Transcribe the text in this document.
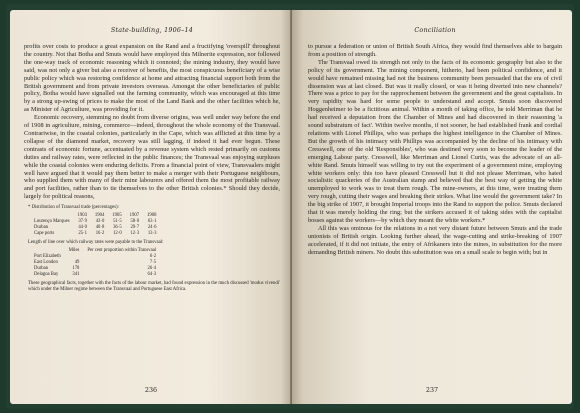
State-building, 1906–14

profits over costs to produce a great expansion on the Rand and a fructifying 'overspill' throughout the country. Not that Botha and Smuts would have employed this Milnerite expression, nor followed the one-way track of economic reasoning which it connoted; the mining industry, they would have said, was not only a giver but also a receiver of benefits, the most conspicuous beneficiary of a wise public policy which was restoring confidence at home and attracting financial support both from the British government and from private investors overseas. Amongst the other beneficiaries of public policy, Botha would have signalled out the farming community, which was encouraged at this time by a strong up-swing of prices to make the most of the Land Bank and the other facilities which he, as Minister of Agriculture, was providing for it.

Economic recovery, stemming no doubt from diverse origins, was well under way before the end of 1908 in agriculture, mining, commerce—indeed, throughout the whole economy of the Transvaal. Contrariwise, in the coastal colonies, particularly in the Cape, which was afflicted at this time by a collapse of the diamond market, recovery was still lagging, if indeed it had ever begun. These contrasts of economic fortune, accentuated by a revenue system which rested primarily on customs duties and railway rates, were reflected in the public finances; the Transvaal was enjoying surpluses while the coastal colonies were enduring deficits. From a financial point of view, Transvaalers might well have argued that it would pay them better to make a merger with their Portuguese neighbours, who supplied them with many of their mine labourers and offered them the most profitable railway and port facilities, rather than to tie themselves to the other British colonies.* Should they decide, largely for political reasons,

* Distribution of Transvaal trade (percentages):
	1903	1904	1905	1907	1908
Lourenço Marques	37·9	43·0	51·5	58·0	63·1
Durban	44·0	40·8	36·5	29·7	24·6
Cape ports	25·1	16·2	12·0	12·3	13·3
Length of line over which railway rates were payable to the Transvaal:
	Miles	Per cent proportion within Transvaal
Port Elizabeth		6·2
East London	49	7·5
Durban	178	26·4
Delagoa Bay	341	64·3
These geographical facts, together with the facts of the labour market, had found expression in the much discussed 'modus vivendi' which under the Milner regime between the Transvaal and Portuguese East Africa.
236
Conciliation

to pursue a federation or union of British South Africa, they would find themselves able to bargain from a position of strength.

The Transvaal owed its strength not only to the facts of its economic geography but also to the policy of its government. The mining component, hitherto, had been political confidence, and it would have remained missing had not the business community been persuaded that the era of civil dissension was at last closed. But was it really closed, or was it being diverted into new channels? There was a price to pay for the rapprochement between the government and the great capitalists. In very rapidity was hard for some people to understand and accept. Smuts soon discovered Hoggenheimer to be a fictitious animal. Within a month of taking office, he told Merriman that he had received a deputation from the Chamber of Mines and had discovered in their reasoning 'a sound substratum of fact'. Within twelve months, if not sooner, he had established frank and cordial relations with Lionel Phillips, who was perhaps the highest intelligence in the Chamber of Mines. But the growth of his intimacy with Phillips was accompanied by the decline of his intimacy with Cresswell, one of the old 'Responsibles', who was destined very soon to become the leader of the emerging Labour party. Cresswell, like Merriman and Lionel Curtis, was the advocate of an all-white Rand. Smuts himself was willing to try out the experiment of a government mine, employing white workers only: this too have pleased Cresswell but it did not please Merriman, who hated socialistic quackeries of the Australian stamp and believed that the best way of getting the white unemployed to work was to treat them rough. The mine-owners, at this time, were treating them very rough, cutting their wages and breaking their strikes. What line would the government take? In the big strike of 1907, it brought Imperial troops into the Rand to support the police. Smuts declared that it was merely holding the ring; but the strikers accused it of taking sides with the capitalist bosses against the workers—by which they meant the white workers.*

All this was ominous for the relations in a not very distant future between Smuts and the trade unionists of British origin. Looking further ahead, the wage-cutting and strike-breaking of 1907 accelerated, if it did not initiate, the entry of Afrikaners into the mines, in substitution for the more demanding British miners. No doubt this substitution was on a small scale to begin with; but in

237
